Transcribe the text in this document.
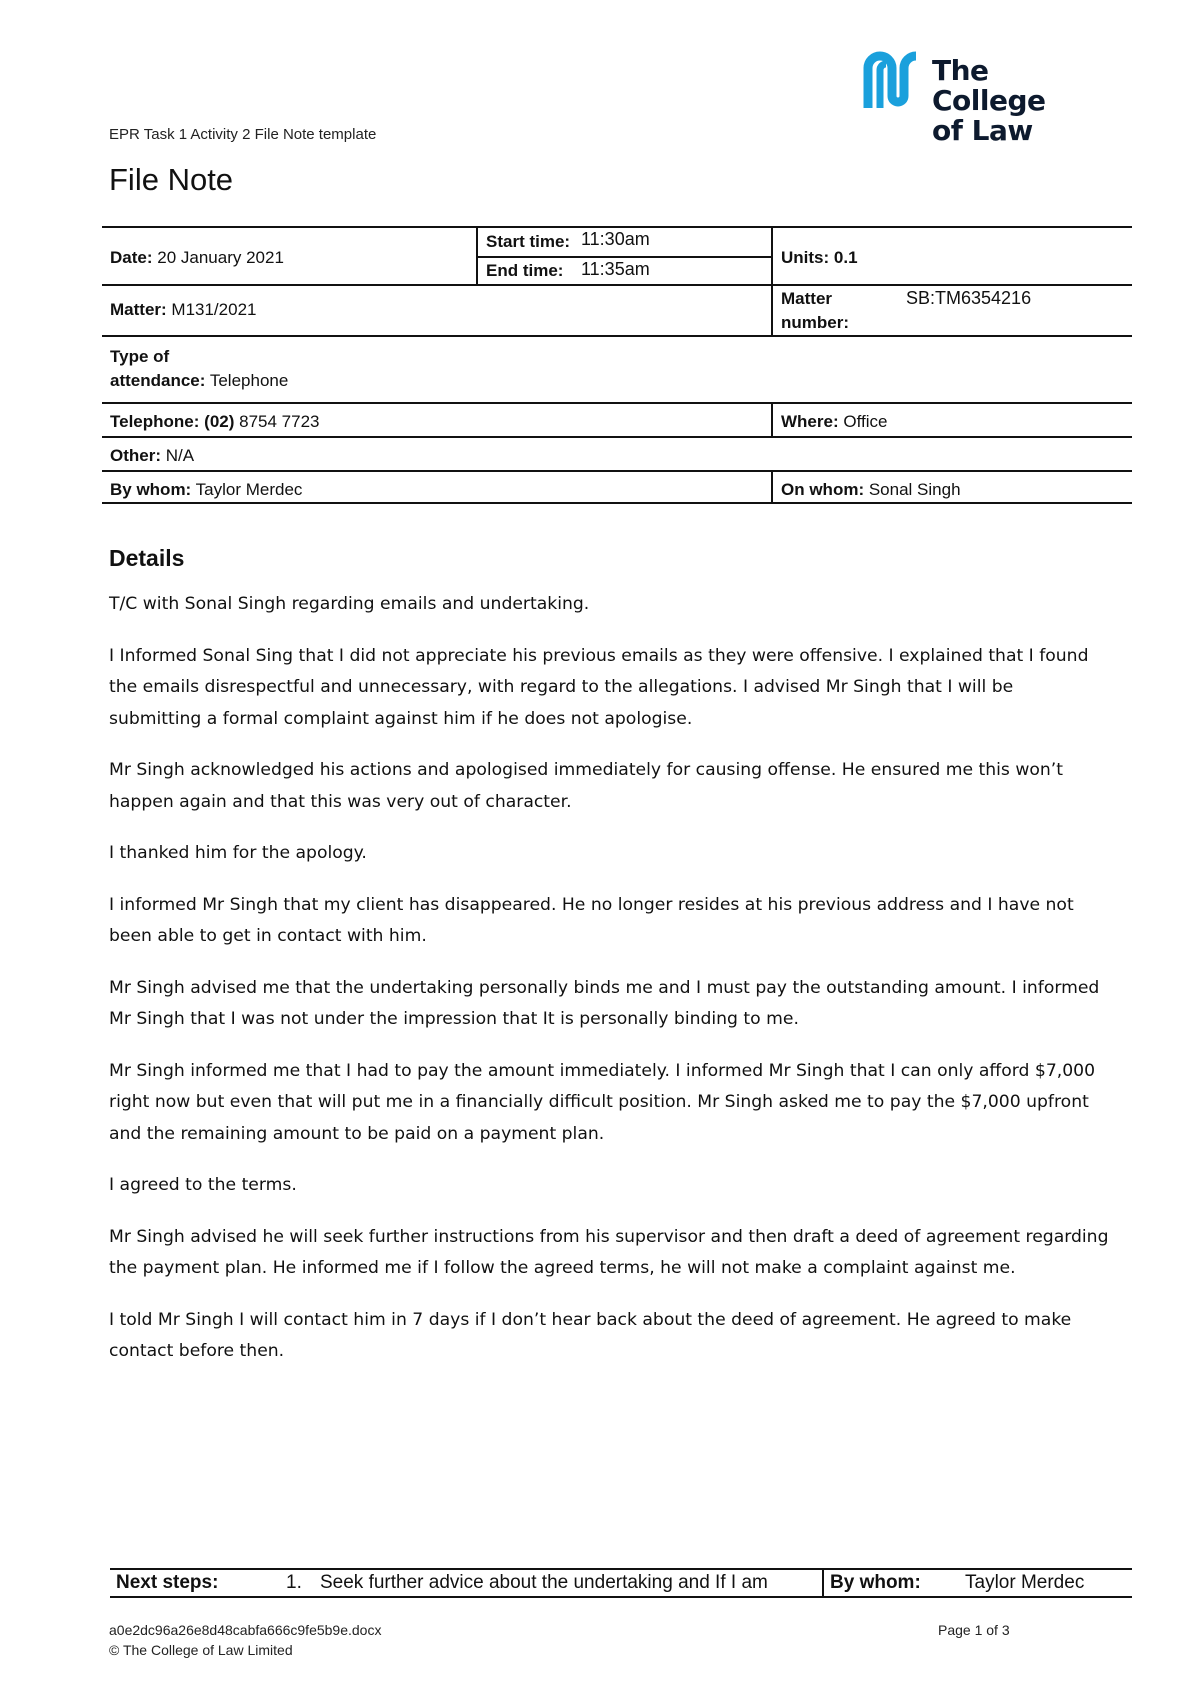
The College
of Law
EPR Task 1 Activity 2 File Note template
File Note
Date: 20 January 2021
Start time: 11:30am
End time: 11:35am
Units: 0.1
Matter: M131/2021
Matter
number:
SB:TM6354216
Type of
attendance: Telephone
Telephone: (02) 8754 7723	Where: Office
Other: N/A
By whom: Taylor Merdec	On whom: Sonal Singh
Details

T/C with Sonal Singh regarding emails and undertaking.

I Informed Sonal Sing that I did not appreciate his previous emails as they were offensive. I explained that I found the emails disrespectful and unnecessary, with regard to the allegations. I advised Mr Singh that I will be submitting a formal complaint against him if he does not apologise.

Mr Singh acknowledged his actions and apologised immediately for causing offense. He ensured me this won’t happen again and that this was very out of character.

I thanked him for the apology.

I informed Mr Singh that my client has disappeared. He no longer resides at his previous address and I have not been able to get in contact with him.

Mr Singh advised me that the undertaking personally binds me and I must pay the outstanding amount. I informed Mr Singh that I was not under the impression that It is personally binding to me.

Mr Singh informed me that I had to pay the amount immediately. I informed Mr Singh that I can only afford $7,000 right now but even that will put me in a financially difficult position. Mr Singh asked me to pay the $7,000 upfront and the remaining amount to be paid on a payment plan.

I agreed to the terms.

Mr Singh advised he will seek further instructions from his supervisor and then draft a deed of agreement regarding the payment plan. He informed me if I follow the agreed terms, he will not make a complaint against me.

I told Mr Singh I will contact him in 7 days if I don’t hear back about the deed of agreement. He agreed to make contact before then.

Next steps:	1. Seek further advice about the undertaking and If I am	By whom: Taylor Merdec
a0e2dc96a26e8d48cabfa666c9fe5b9e.docx
© The College of Law Limited
Page 1 of 3
